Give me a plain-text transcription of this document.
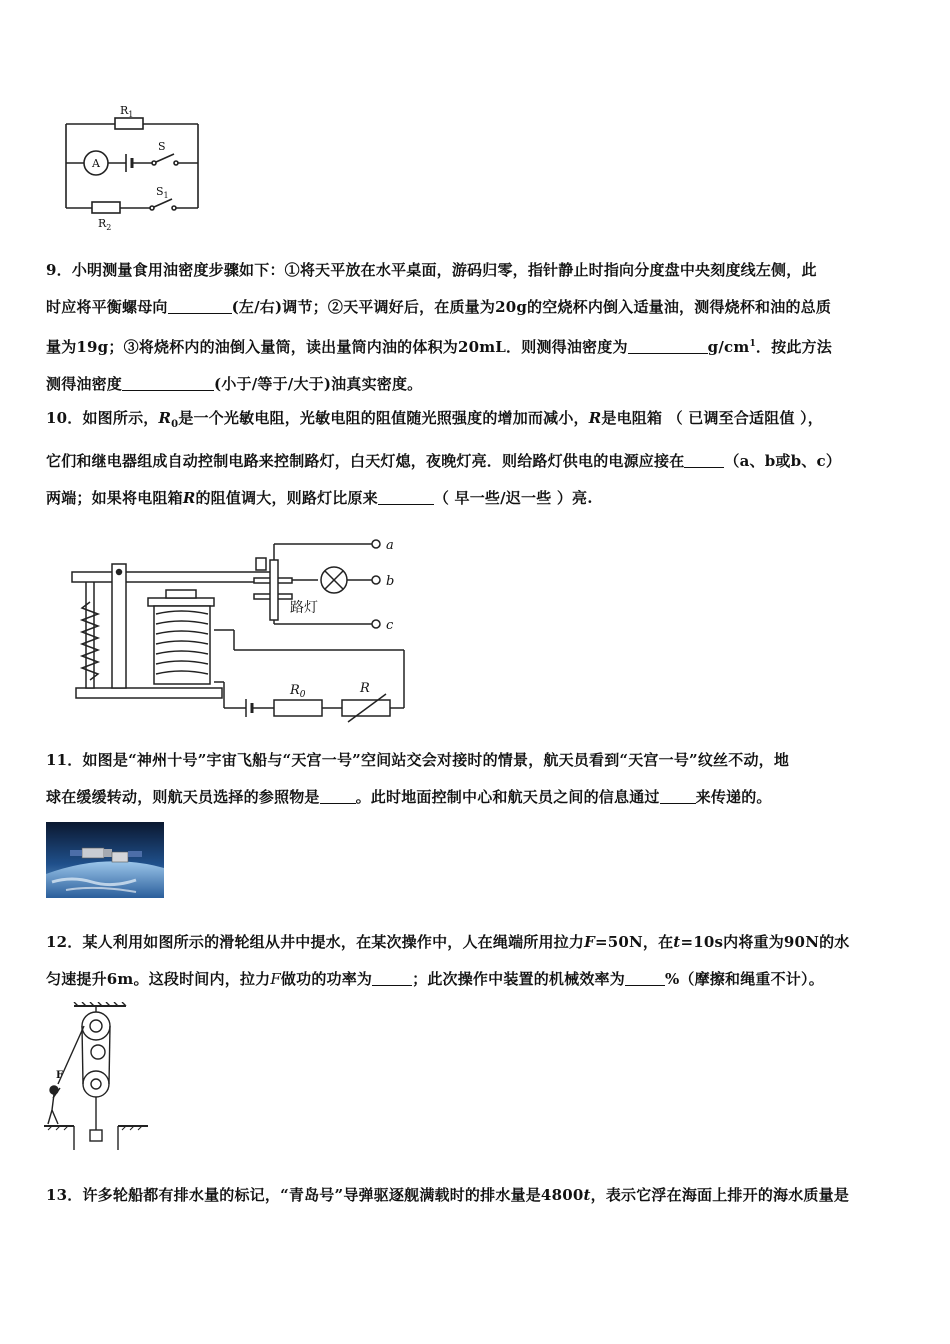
$R_1$
A
S
$S_1$
$R_2$
9．小明测量食用油密度步骤如下：①将天平放在水平桌面，游码归零，指针静止时指向分度盘中央刻度线左侧，此
时应将平衡螺母向	(左/右)调节；②天平调好后，在质量为20g的空烧杯内倒入适量油，测得烧杯和油的总质
量为19g；③将烧杯内的油倒入量筒，读出量筒内油的体积为20mL．则测得油密度为	$g/cm^1$．按此方法
测得油密度	(小于/等于/大于)油真实密度。
10．如图所示，$R_0$是一个光敏电阻，光敏电阻的阻值随光照强度的增加而减小，R是电阻箱 （ 已调至合适阻值 ），
它们和继电器组成自动控制电路来控制路灯，白天灯熄，夜晚灯亮．则给路灯供电的电源应接在	（a、b或b、c）
两端；如果将电阻箱R的阻值调大，则路灯比原来	（ 早一些/迟一些 ）亮.
a
b
c
路灯
$R_0$	R
11．如图是“神州十号”宇宙飞船与“天宫一号”空间站交会对接时的情景，航天员看到“天宫一号”纹丝不动，地
球在缓缓转动，则航天员选择的参照物是 。此时地面控制中心和航天员之间的信息通过 来传递的。
12．某人利用如图所示的滑轮组从井中提水，在某次操作中，人在绳端所用拉力F=50N，在t=10s内将重为90N的水
匀速提升6m。这段时间内，拉力F做功的功率为	；此次操作中装置的机械效率为	%（摩擦和绳重不计）。
F
13．许多轮船都有排水量的标记，“青岛号”导弹驱逐舰满载时的排水量是4800t，表示它浮在海面上排开的海水质量是
